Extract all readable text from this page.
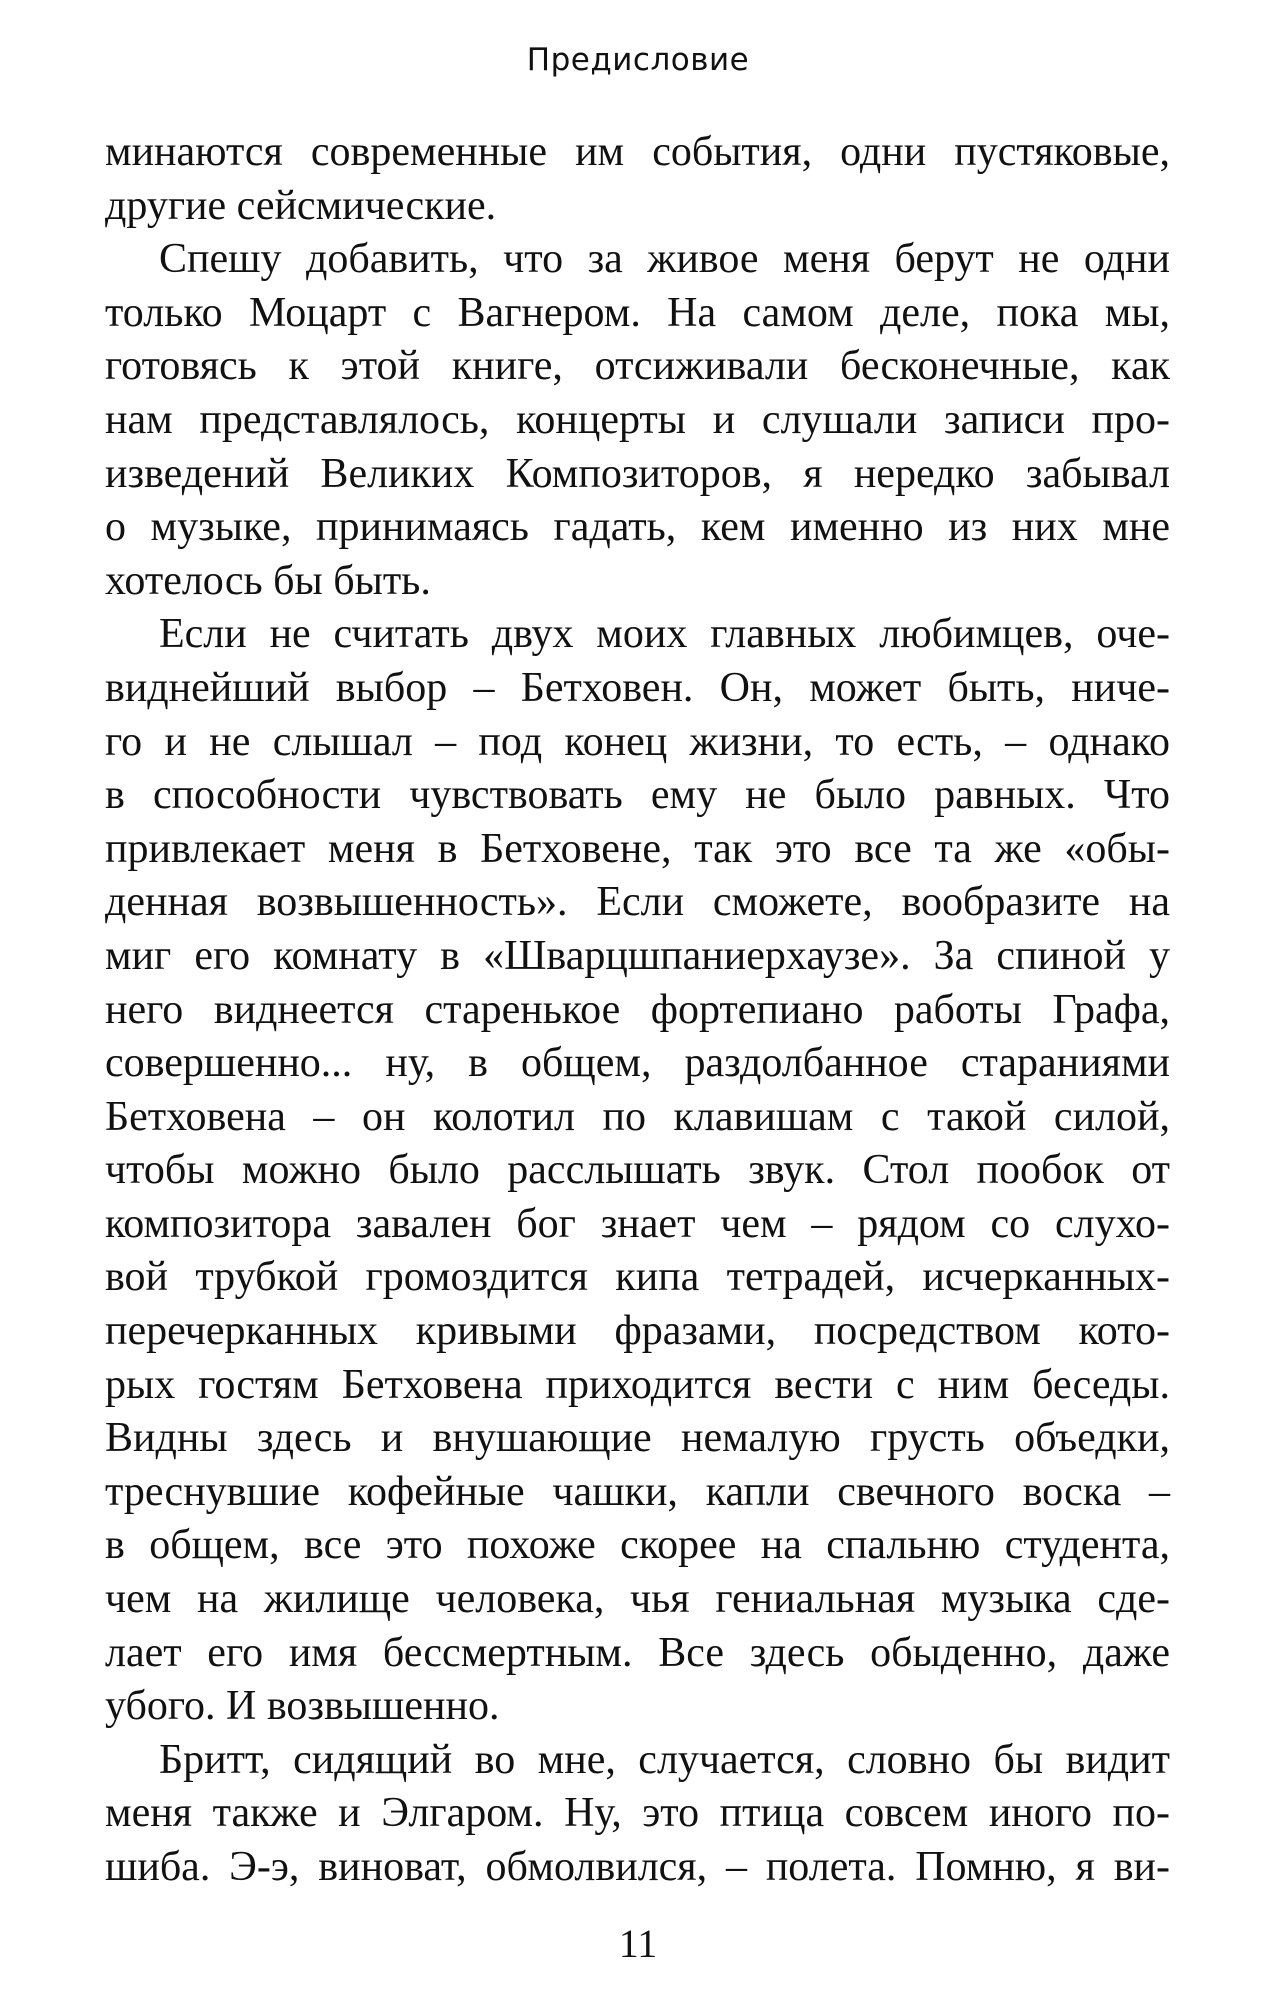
Предисловие
минаются современные им события, одни пустяковые,
другие сейсмические.
Спешу добавить, что за живое меня берут не одни
только Моцарт с Вагнером. На самом деле, пока мы,
готовясь к этой книге, отсиживали бесконечные, как
нам представлялось, концерты и слушали записи про-
изведений Великих Композиторов, я нередко забывал
о музыке, принимаясь гадать, кем именно из них мне
хотелось бы быть.
Если не считать двух моих главных любимцев, оче-
виднейший выбор – Бетховен. Он, может быть, ниче-
го и не слышал – под конец жизни, то есть, – однако
в способности чувствовать ему не было равных. Что
привлекает меня в Бетховене, так это все та же «обы-
денная возвышенность». Если сможете, вообразите на
миг его комнату в «Шварцшпаниерхаузе». За спиной у
него виднеется старенькое фортепиано работы Графа,
совершенно... ну, в общем, раздолбанное стараниями
Бетховена – он колотил по клавишам с такой силой,
чтобы можно было расслышать звук. Стол пообок от
композитора завален бог знает чем – рядом со слухо-
вой трубкой громоздится кипа тетрадей, исчерканных-
перечерканных кривыми фразами, посредством кото-
рых гостям Бетховена приходится вести с ним беседы.
Видны здесь и внушающие немалую грусть объедки,
треснувшие кофейные чашки, капли свечного воска –
в общем, все это похоже скорее на спальню студента,
чем на жилище человека, чья гениальная музыка сде-
лает его имя бессмертным. Все здесь обыденно, даже
убого. И возвышенно.
Бритт, сидящий во мне, случается, словно бы видит
меня также и Элгаром. Ну, это птица совсем иного по-
шиба. Э-э, виноват, обмолвился, – полета. Помню, я ви-
11
